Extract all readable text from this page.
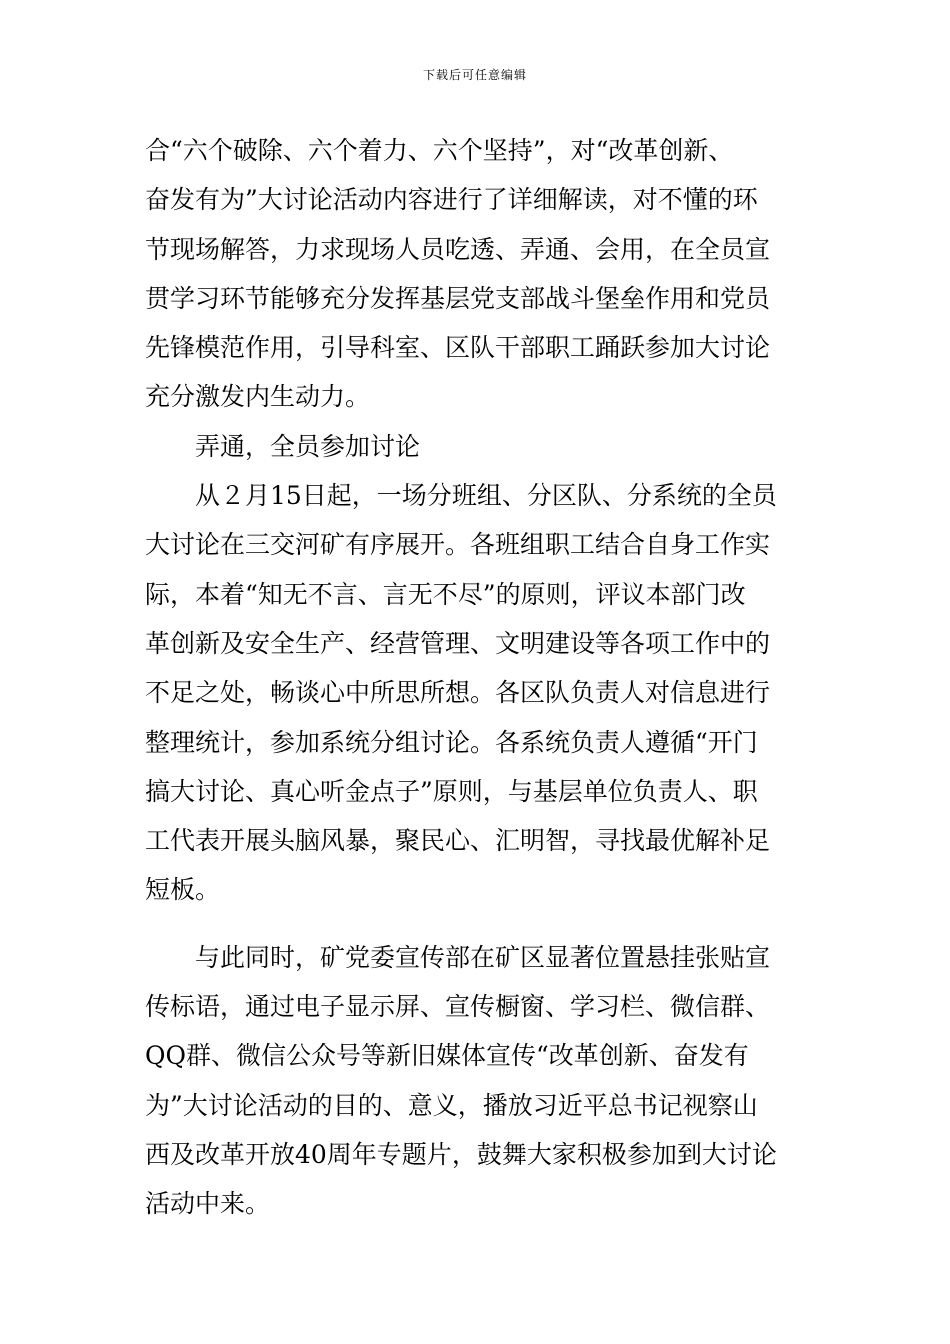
下载后可任意编辑
合“六个破除、六个着力、六个坚持”，对“改革创新、
奋发有为”大讨论活动内容进行了详细解读，对不懂的环
节现场解答，力求现场人员吃透、弄通、会用，在全员宣
贯学习环节能够充分发挥基层党支部战斗堡垒作用和党员
先锋模范作用，引导科室、区队干部职工踊跃参加大讨论
充分激发内生动力。
　　弄通，全员参加讨论
　　从２月15日起，一场分班组、分区队、分系统的全员
大讨论在三交河矿有序展开。各班组职工结合自身工作实
际，本着“知无不言、言无不尽”的原则，评议本部门改
革创新及安全生产、经营管理、文明建设等各项工作中的
不足之处，畅谈心中所思所想。各区队负责人对信息进行
整理统计，参加系统分组讨论。各系统负责人遵循“开门
搞大讨论、真心听金点子”原则，与基层单位负责人、职
工代表开展头脑风暴，聚民心、汇明智，寻找最优解补足
短板。
　　与此同时，矿党委宣传部在矿区显著位置悬挂张贴宣
传标语，通过电子显示屏、宣传橱窗、学习栏、微信群、
QQ群、微信公众号等新旧媒体宣传“改革创新、奋发有
为”大讨论活动的目的、意义，播放习近平总书记视察山
西及改革开放40周年专题片，鼓舞大家积极参加到大讨论
活动中来。
